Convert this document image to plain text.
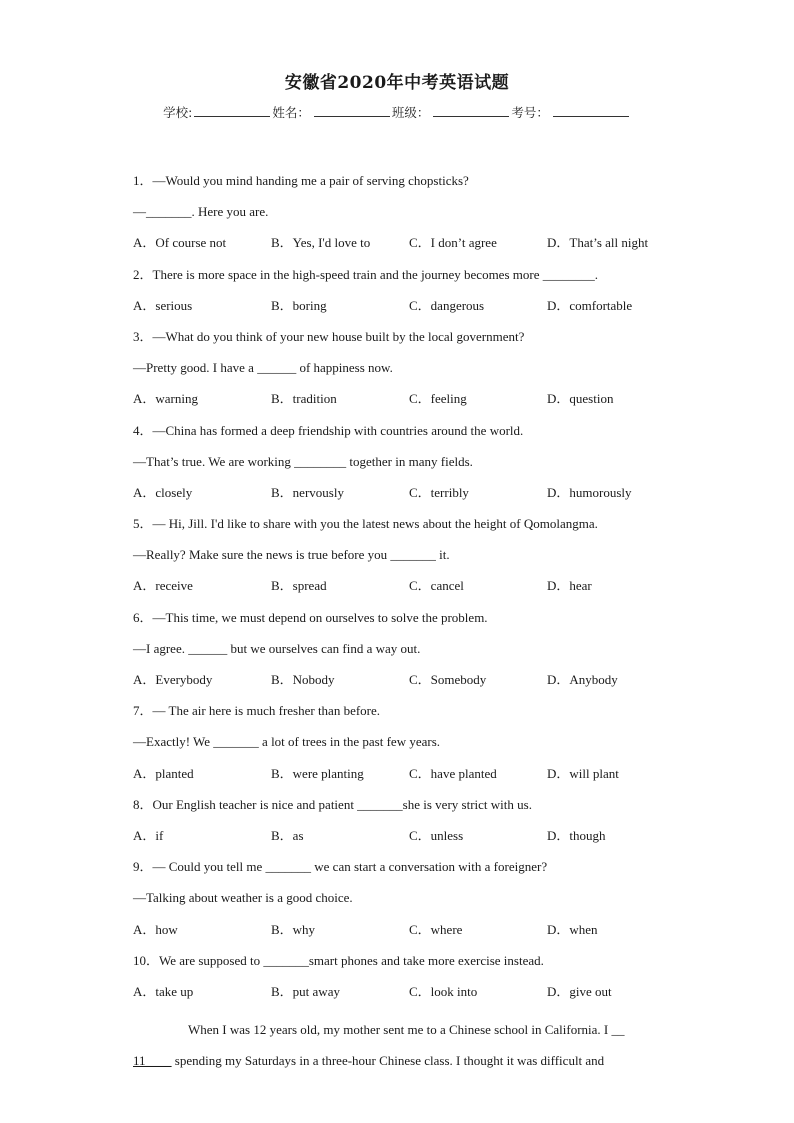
安徽省2020年中考英语试题
学校:	姓名：	班级：	考号：
1．—Would you mind handing me a pair of serving chopsticks?
—_______. Here you are.
A．Of course not	B．Yes, I'd love to	C．I don’t agree	D．That’s all night
2．There is more space in the high-speed train and the journey becomes more ________.
A．serious	B．boring	C．dangerous	D．comfortable
3．—What do you think of your new house built by the local government?
—Pretty good. I have a ______ of happiness now.
A．warning	B．tradition	C．feeling	D．question
4．—China has formed a deep friendship with countries around the world.
—That’s true. We are working ________ together in many fields.
A．closely	B．nervously	C．terribly	D．humorously
5．— Hi, Jill. I'd like to share with you the latest news about the height of Qomolangma.
—Really? Make sure the news is true before you _______ it.
A．receive	B．spread	C．cancel	D．hear
6．—This time, we must depend on ourselves to solve the problem.
—I agree. ______ but we ourselves can find a way out.
A．Everybody	B．Nobody	C．Somebody	D．Anybody
7．— The air here is much fresher than before.
—Exactly! We _______ a lot of trees in the past few years.
A．planted	B．were planting	C．have planted	D．will plant
8．Our English teacher is nice and patient _______she is very strict with us.
A．if	B．as	C．unless	D．though
9．— Could you tell me _______ we can start a conversation with a foreigner?
—Talking about weather is a good choice.
A．how	B．why	C．where	D．when
10．We are supposed to _______smart phones and take more exercise instead.
A．take up	B．put away	C．look into	D．give out
When I was 12 years old, my mother sent me to a Chinese school in California. I __
11____ spending my Saturdays in a three-hour Chinese class. I thought it was difficult and
